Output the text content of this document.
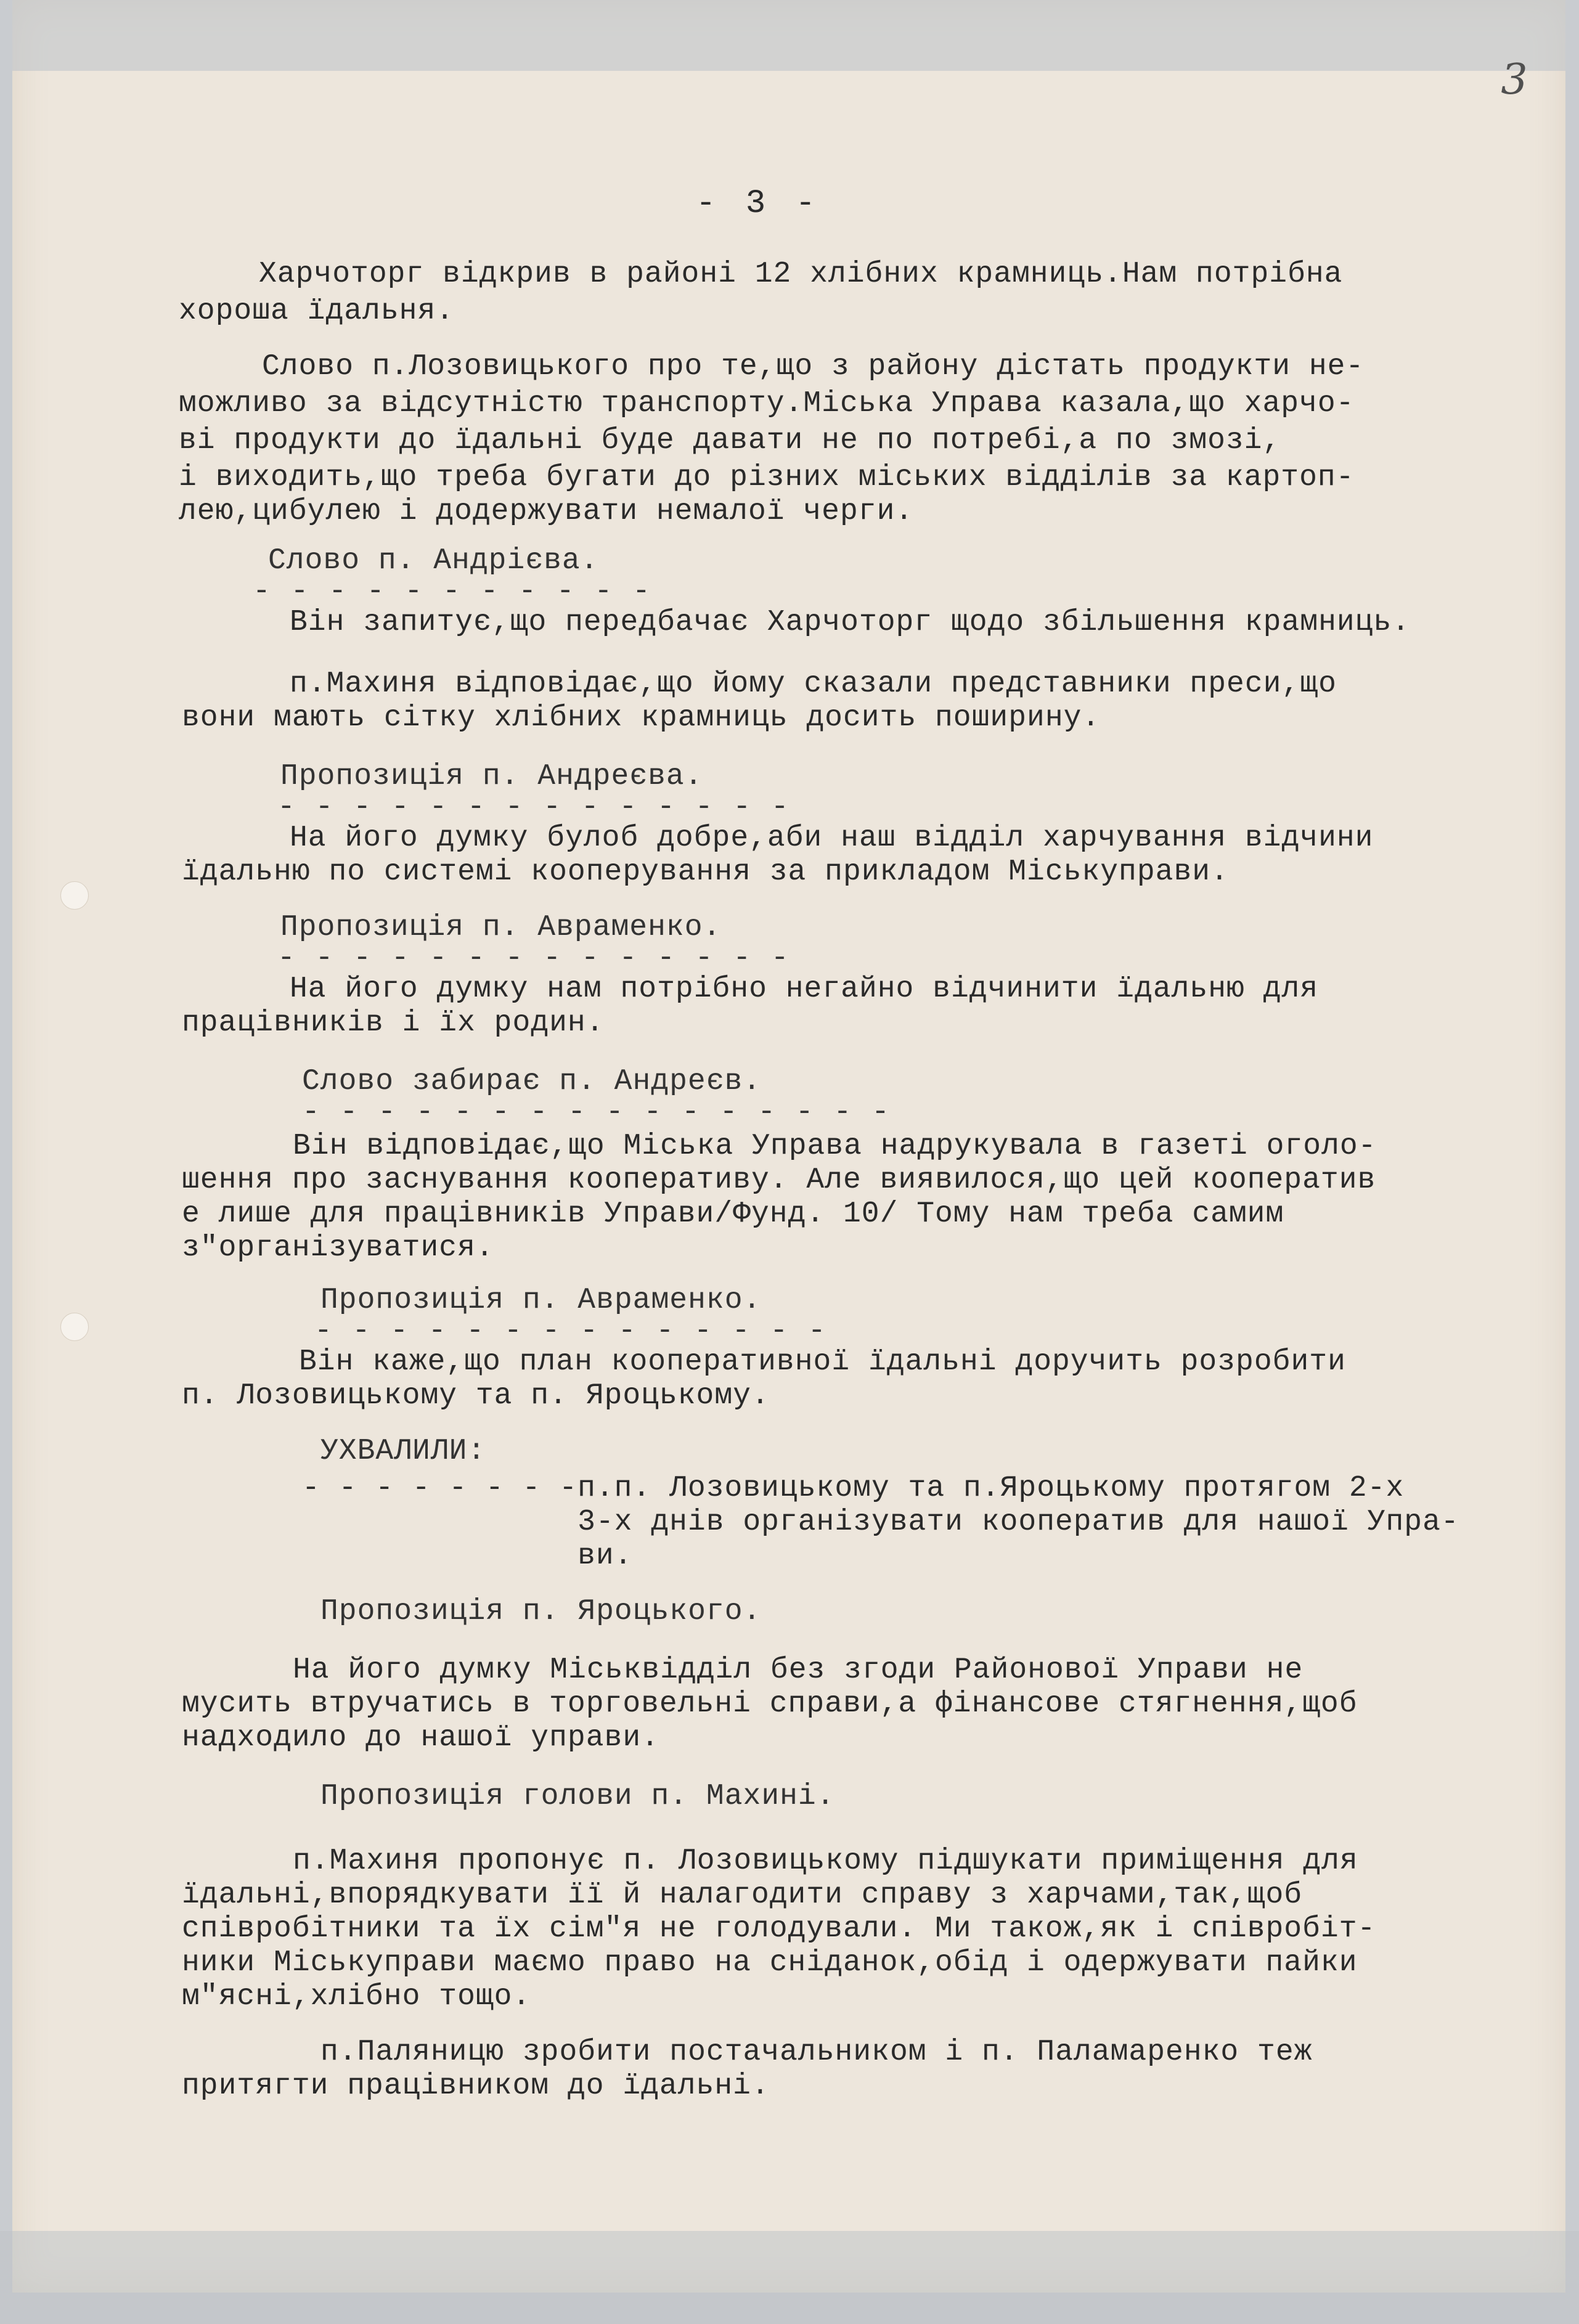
3
- 3 -
Харчоторг відкрив в районі 12 хлібних крамниць.Нам потрібна
хороша їдальня.
Слово п.Лозовицького про те,що з району дістать продукти не-
можливо за відсутністю транспорту.Міська Управа казала,що харчо-
ві продукти до їдальні буде давати не по потребі,а по змозі,
і виходить,що треба бугати до різних міських відділів за картоп-
лею,цибулею і додержувати немалої черги.
Слово п. Андрієва.
- - - - - - - - - - -
Він запитує,що передбачає Харчоторг щодо збільшення крамниць.
п.Махиня відповідає,що йому сказали представники преси,що
вони мають сітку хлібних крамниць досить поширину.
Пропозиція п. Андреєва.
- - - - - - - - - - - - - -
На його думку булоб добре,аби наш відділ харчування відчини
їдальню по системі кооперування за прикладом Міськуправи.
Пропозиція п. Авраменко.
- - - - - - - - - - - - - -
На його думку нам потрібно негайно відчинити їдальню для
працівників і їх родин.
Слово забирає п. Андреєв.
- - - - - - - - - - - - - - - -
Він відповідає,що Міська Управа надрукувала в газеті оголо-
шення про заснування кооперативу. Але виявилося,що цей кооператив
е лише для працівників Управи/Фунд. 10/ Тому нам треба самим
з"організуватися.
Пропозиція п. Авраменко.
- - - - - - - - - - - - - -
Він каже,що план кооперативної їдальні доручить розробити
п. Лозовицькому та п. Яроцькому.
УХВАЛИЛИ:
- - - - - - - -п.п. Лозовицькому та п.Яроцькому протягом 2-х
3-х днів організувати кооператив для нашої Упра-
ви.
Пропозиція п. Яроцького.
На його думку Міськвідділ без згоди Районової Управи не
мусить втручатись в торговельні справи,а фінансове стягнення,щоб
надходило до нашої управи.
Пропозиція голови п. Махині.
п.Махиня пропонує п. Лозовицькому підшукати приміщення для
їдальні,впорядкувати її й налагодити справу з харчами,так,щоб
співробітники та їх сім"я не голодували. Ми також,як і співробіт-
ники Міськуправи маємо право на сніданок,обід і одержувати пайки
м"ясні,хлібно тощо.
п.Паляницю зробити постачальником і п. Паламаренко теж
притягти працівником до їдальні.
